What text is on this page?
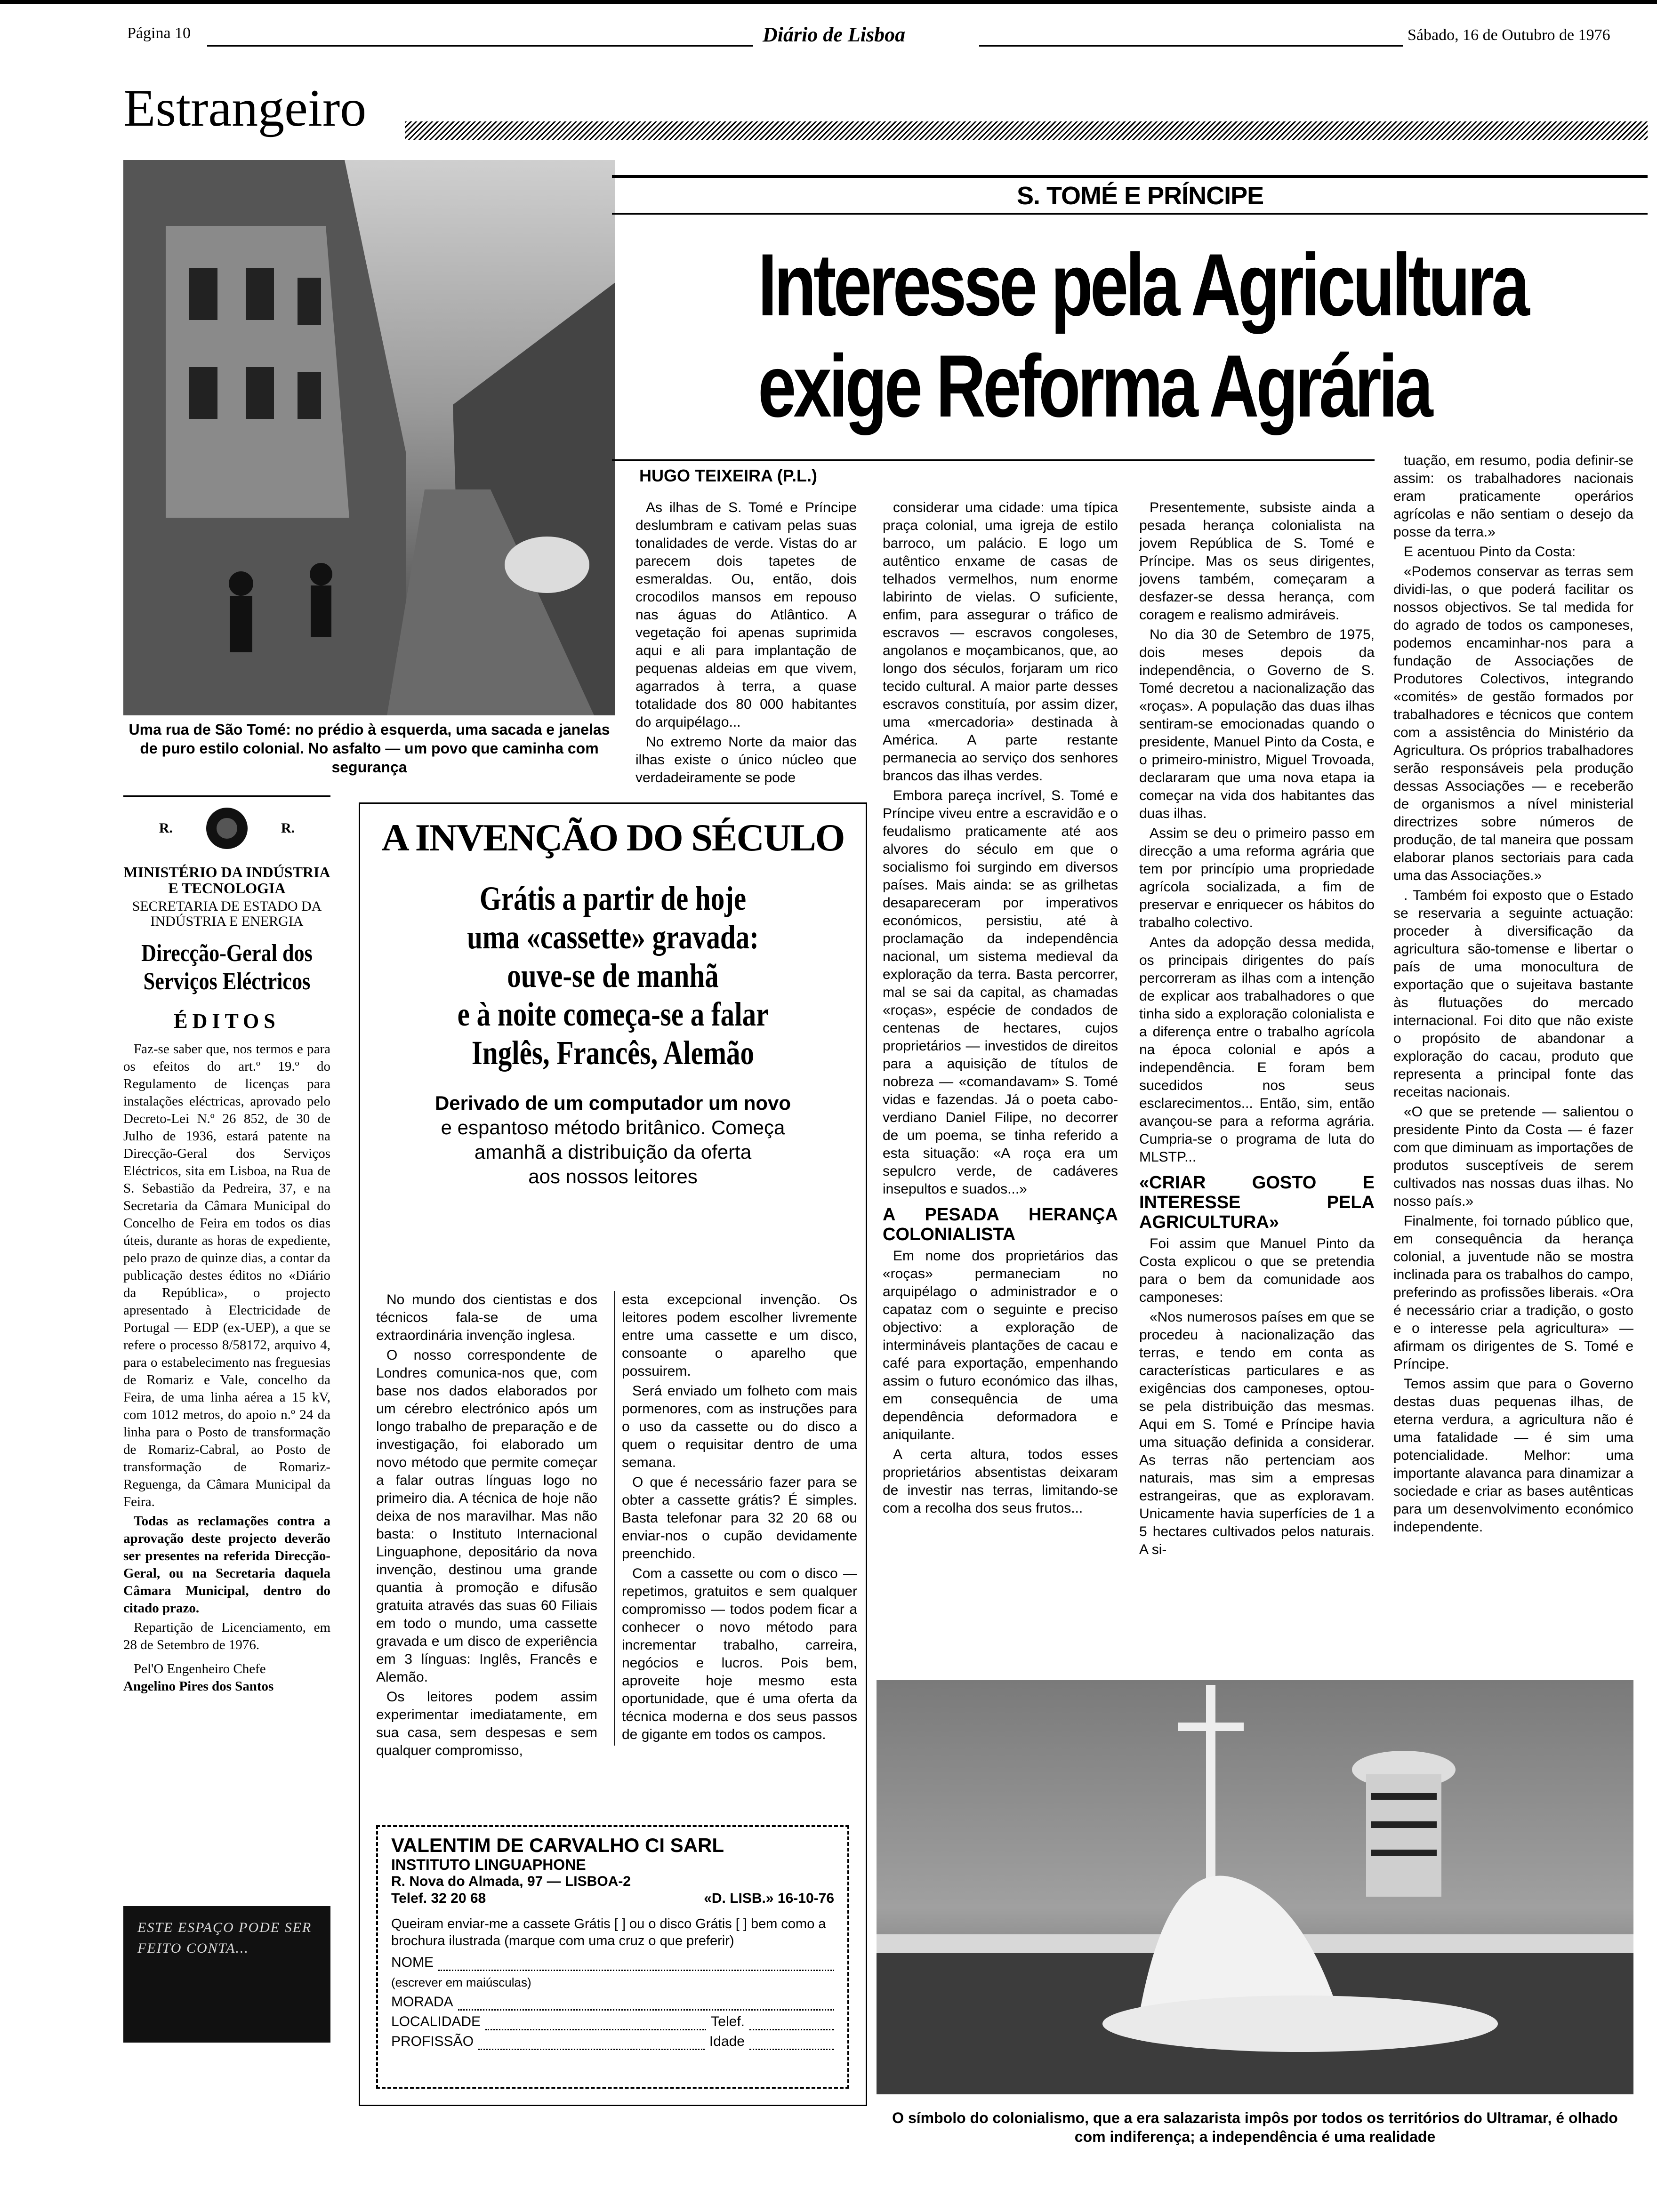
Página 10	Diário de Lisboa	Sábado, 16 de Outubro de 1976
Estrangeiro
Uma rua de São Tomé: no prédio à esquerda, uma sacada e janelas de puro estilo colonial. No asfalto — um povo que caminha com segurança
S. TOMÉ E PRÍNCIPE
Interesse pela Agricultura
exige Reforma Agrária
HUGO TEIXEIRA (P.L.)

As ilhas de S. Tomé e Príncipe deslumbram e cativam pelas suas tonalidades de verde. Vistas do ar parecem dois tapetes de esmeraldas. Ou, então, dois crocodilos mansos em repouso nas águas do Atlântico. A vegetação foi apenas suprimida aqui e ali para implantação de pequenas aldeias em que vivem, agarrados à terra, a quase totalidade dos 80 000 habitantes do arquipélago...

No extremo Norte da maior das ilhas existe o único núcleo que verdadeiramente se pode

considerar uma cidade: uma típica praça colonial, uma igreja de estilo barroco, um palácio. E logo um autêntico enxame de casas de telhados vermelhos, num enorme labirinto de vielas. O suficiente, enfim, para assegurar o tráfico de escravos — escravos congoleses, angolanos e moçambicanos, que, ao longo dos séculos, forjaram um rico tecido cultural. A maior parte desses escravos constituía, por assim dizer, uma «mercadoria» destinada à América. A parte restante permanecia ao serviço dos senhores brancos das ilhas verdes.

Embora pareça incrível, S. Tomé e Príncipe viveu entre a escravidão e o feudalismo praticamente até aos alvores do século em que o socialismo foi surgindo em diversos países. Mais ainda: se as grilhetas desapareceram por imperativos económicos, persistiu, até à proclamação da independência nacional, um sistema medieval da exploração da terra. Basta percorrer, mal se sai da capital, as chamadas «roças», espécie de condados de centenas de hectares, cujos proprietários — investidos de direitos para a aquisição de títulos de nobreza — «comandavam» S. Tomé vidas e fazendas. Já o poeta cabo-verdiano Daniel Filipe, no decorrer de um poema, se tinha referido a esta situação: «A roça era um sepulcro verde, de cadáveres insepultos e suados...»

A PESADA HERANÇA COLONIALISTA

Em nome dos proprietários das «roças» permaneciam no arquipélago o administrador e o capataz com o seguinte e preciso objectivo: a exploração de intermináveis plantações de cacau e café para exportação, empenhando assim o futuro económico das ilhas, em consequência de uma dependência deformadora e aniquilante.

A certa altura, todos esses proprietários absentistas deixaram de investir nas terras, limitando-se com a recolha dos seus frutos...

Presentemente, subsiste ainda a pesada herança colonialista na jovem República de S. Tomé e Príncipe. Mas os seus dirigentes, jovens também, começaram a desfazer-se dessa herança, com coragem e realismo admiráveis.

No dia 30 de Setembro de 1975, dois meses depois da independência, o Governo de S. Tomé decretou a nacionalização das «roças». A população das duas ilhas sentiram-se emocionadas quando o presidente, Manuel Pinto da Costa, e o primeiro-ministro, Miguel Trovoada, declararam que uma nova etapa ia começar na vida dos habitantes das duas ilhas.

Assim se deu o primeiro passo em direcção a uma reforma agrária que tem por princípio uma propriedade agrícola socializada, a fim de preservar e enriquecer os hábitos do trabalho colectivo.

Antes da adopção dessa medida, os principais dirigentes do país percorreram as ilhas com a intenção de explicar aos trabalhadores o que tinha sido a exploração colonialista e a diferença entre o trabalho agrícola na época colonial e após a independência. E foram bem sucedidos nos seus esclarecimentos... Então, sim, então avançou-se para a reforma agrária. Cumpria-se o programa de luta do MLSTP...

«CRIAR GOSTO E INTERESSE PELA AGRICULTURA»

Foi assim que Manuel Pinto da Costa explicou o que se pretendia para o bem da comunidade aos camponeses:

«Nos numerosos países em que se procedeu à nacionalização das terras, e tendo em conta as características particulares e as exigências dos camponeses, optou-se pela distribuição das mesmas. Aqui em S. Tomé e Príncipe havia uma situação definida a considerar. As terras não pertenciam aos naturais, mas sim a empresas estrangeiras, que as exploravam. Unicamente havia superfícies de 1 a 5 hectares cultivados pelos naturais. A si-

tuação, em resumo, podia definir-se assim: os trabalhadores nacionais eram praticamente operários agrícolas e não sentiam o desejo da posse da terra.»

E acentuou Pinto da Costa:

«Podemos conservar as terras sem dividi-las, o que poderá facilitar os nossos objectivos. Se tal medida for do agrado de todos os camponeses, podemos encaminhar-nos para a fundação de Associações de Produtores Colectivos, integrando «comités» de gestão formados por trabalhadores e técnicos que contem com a assistência do Ministério da Agricultura. Os próprios trabalhadores serão responsáveis pela produção dessas Associações — e receberão de organismos a nível ministerial directrizes sobre números de produção, de tal maneira que possam elaborar planos sectoriais para cada uma das Associações.»

. Também foi exposto que o Estado se reservaria a seguinte actuação: proceder à diversificação da agricultura são-tomense e libertar o país de uma monocultura de exportação que o sujeitava bastante às flutuações do mercado internacional. Foi dito que não existe o propósito de abandonar a exploração do cacau, produto que representa a principal fonte das receitas nacionais.

«O que se pretende — salientou o presidente Pinto da Costa — é fazer com que diminuam as importações de produtos susceptíveis de serem cultivados nas nossas duas ilhas. No nosso país.»

Finalmente, foi tornado público que, em consequência da herança colonial, a juventude não se mostra inclinada para os trabalhos do campo, preferindo as profissões liberais. «Ora é necessário criar a tradição, o gosto e o interesse pela agricultura» — afirmam os dirigentes de S. Tomé e Príncipe.

Temos assim que para o Governo destas duas pequenas ilhas, de eterna verdura, a agricultura não é uma fatalidade — é sim uma potencialidade. Melhor: uma importante alavanca para dinamizar a sociedade e criar as bases autênticas para um desenvolvimento económico independente.

O símbolo do colonialismo, que a era salazarista impôs por todos os territórios do Ultramar, é olhado com indiferença; a independência é uma realidade
R.	R.
MINISTÉRIO DA INDÚSTRIA E TECNOLOGIA
SECRETARIA DE ESTADO DA INDÚSTRIA E ENERGIA
Direcção-Geral dos Serviços Eléctricos
ÉDITOS

Faz-se saber que, nos termos e para os efeitos do art.º 19.º do Regulamento de licenças para instalações eléctricas, aprovado pelo Decreto-Lei N.º 26 852, de 30 de Julho de 1936, estará patente na Direcção-Geral dos Serviços Eléctricos, sita em Lisboa, na Rua de S. Sebastião da Pedreira, 37, e na Secretaria da Câmara Municipal do Concelho de Feira em todos os dias úteis, durante as horas de expediente, pelo prazo de quinze dias, a contar da publicação destes éditos no «Diário da República», o projecto apresentado à Electricidade de Portugal — EDP (ex-UEP), a que se refere o processo 8/58172, arquivo 4, para o estabelecimento nas freguesias de Romariz e Vale, concelho da Feira, de uma linha aérea a 15 kV, com 1012 metros, do apoio n.º 24 da linha para o Posto de transformação de Romariz-Cabral, ao Posto de transformação de Romariz-Reguenga, da Câmara Municipal da Feira.

Todas as reclamações contra a aprovação deste projecto deverão ser presentes na referida Direcção-Geral, ou na Secretaria daquela Câmara Municipal, dentro do citado prazo.

Repartição de Licenciamento, em 28 de Setembro de 1976.

Pel'O Engenheiro Chefe

Angelino Pires dos Santos

ESTE ESPAÇO PODE SER FEITO CONTA...
A INVENÇÃO DO SÉCULO
Grátis a partir de hoje
uma «cassette» gravada:
ouve-se de manhã
e à noite começa-se a falar
Inglês, Francês, Alemão
Derivado de um computador um novo
e espantoso método britânico. Começa
amanhã a distribuição da oferta
aos nossos leitores

No mundo dos cientistas e dos técnicos fala-se de uma extraordinária invenção inglesa.

O nosso correspondente de Londres comunica-nos que, com base nos dados elaborados por um cérebro electrónico após um longo trabalho de preparação e de investigação, foi elaborado um novo método que permite começar a falar outras línguas logo no primeiro dia. A técnica de hoje não deixa de nos maravilhar. Mas não basta: o Instituto Internacional Linguaphone, depositário da nova invenção, destinou uma grande quantia à promoção e difusão gratuita através das suas 60 Filiais em todo o mundo, uma cassette gravada e um disco de experiência em 3 línguas: Inglês, Francês e Alemão.

Os leitores podem assim experimentar imediatamente, em sua casa, sem despesas e sem qualquer compromisso,

esta excepcional invenção. Os leitores podem escolher livremente entre uma cassette e um disco, consoante o aparelho que possuirem.

Será enviado um folheto com mais pormenores, com as instruções para o uso da cassette ou do disco a quem o requisitar dentro de uma semana.

O que é necessário fazer para se obter a cassette grátis? É simples. Basta telefonar para 32 20 68 ou enviar-nos o cupão devidamente preenchido.

Com a cassette ou com o disco — repetimos, gratuitos e sem qualquer compromisso — todos podem ficar a conhecer o novo método para incrementar trabalho, carreira, negócios e lucros. Pois bem, aproveite hoje mesmo esta oportunidade, que é uma oferta da técnica moderna e dos seus passos de gigante em todos os campos.

VALENTIM DE CARVALHO CI SARL
INSTITUTO LINGUAPHONE
R. Nova do Almada, 97 — LISBOA-2
Telef. 32 20 68	«D. LISB.» 16-10-76
Queiram enviar-me a cassete Grátis [ ] ou o disco Grátis [ ] bem como a brochura ilustrada (marque com uma cruz o que preferir)
NOME
(escrever em maiúsculas)
MORADA
LOCALIDADE	Telef.
PROFISSÃO	Idade
